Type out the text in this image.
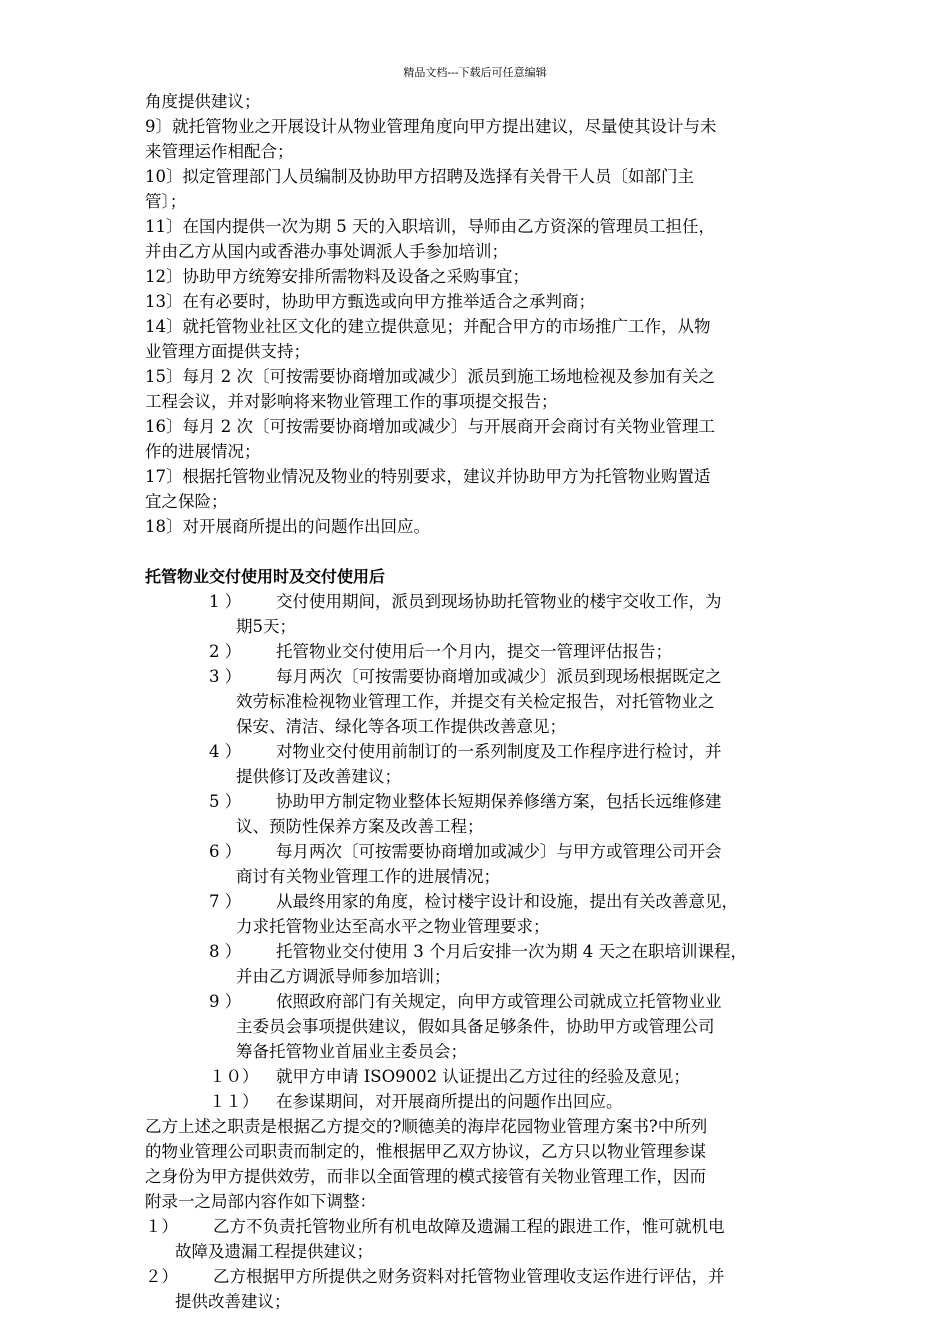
精品文档---下载后可任意编辑
角度提供建议；
9〕就托管物业之开展设计从物业管理角度向甲方提出建议，尽量使其设计与未
来管理运作相配合；
10〕拟定管理部门人员编制及协助甲方招聘及选择有关骨干人员〔如部门主
管〕；
11〕在国内提供一次为期 5 天的入职培训，导师由乙方资深的管理员工担任，
并由乙方从国内或香港办事处调派人手参加培训；
12〕协助甲方统筹安排所需物料及设备之采购事宜；
13〕在有必要时，协助甲方甄选或向甲方推举适合之承判商；
14〕就托管物业社区文化的建立提供意见；并配合甲方的市场推广工作，从物
业管理方面提供支持；
15〕每月 2 次〔可按需要协商增加或减少〕派员到施工场地检视及参加有关之
工程会议，并对影响将来物业管理工作的事项提交报告；
16〕每月 2 次〔可按需要协商增加或减少〕与开展商开会商讨有关物业管理工
作的进展情况；
17〕根据托管物业情况及物业的特别要求，建议并协助甲方为托管物业购置适
宜之保险；
18〕对开展商所提出的问题作出回应。
托管物业交付使用时及交付使用后
1 ） 交付使用期间，派员到现场协助托管物业的楼宇交收工作，为
期5天；
2 ） 托管物业交付使用后一个月内，提交一管理评估报告；
3 ） 每月两次〔可按需要协商增加或减少〕派员到现场根据既定之
效劳标准检视物业管理工作，并提交有关检定报告，对托管物业之
保安、清洁、绿化等各项工作提供改善意见；
4 ） 对物业交付使用前制订的一系列制度及工作程序进行检讨，并
提供修订及改善建议；
5 ） 协助甲方制定物业整体长短期保养修缮方案，包括长远维修建
议、预防性保养方案及改善工程；
6 ） 每月两次〔可按需要协商增加或减少〕与甲方或管理公司开会
商讨有关物业管理工作的进展情况；
7 ） 从最终用家的角度，检讨楼宇设计和设施，提出有关改善意见，
力求托管物业达至高水平之物业管理要求；
8 ） 托管物业交付使用 3 个月后安排一次为期 4 天之在职培训课程，
并由乙方调派导师参加培训；
9 ） 依照政府部门有关规定，向甲方或管理公司就成立托管物业业
主委员会事项提供建议，假如具备足够条件，协助甲方或管理公司
筹备托管物业首届业主委员会；
１０） 就甲方申请 ISO9002 认证提出乙方过往的经验及意见；
１１） 在参谋期间，对开展商所提出的问题作出回应。
乙方上述之职责是根据乙方提交的?顺德美的海岸花园物业管理方案书?中所列
的物业管理公司职责而制定的，惟根据甲乙双方协议，乙方只以物业管理参谋
之身份为甲方提供效劳，而非以全面管理的模式接管有关物业管理工作，因而
附录一之局部内容作如下调整：
１） 乙方不负责托管物业所有机电故障及遗漏工程的跟进工作，惟可就机电
故障及遗漏工程提供建议；
２） 乙方根据甲方所提供之财务资料对托管物业管理收支运作进行评估，并
提供改善建议；
